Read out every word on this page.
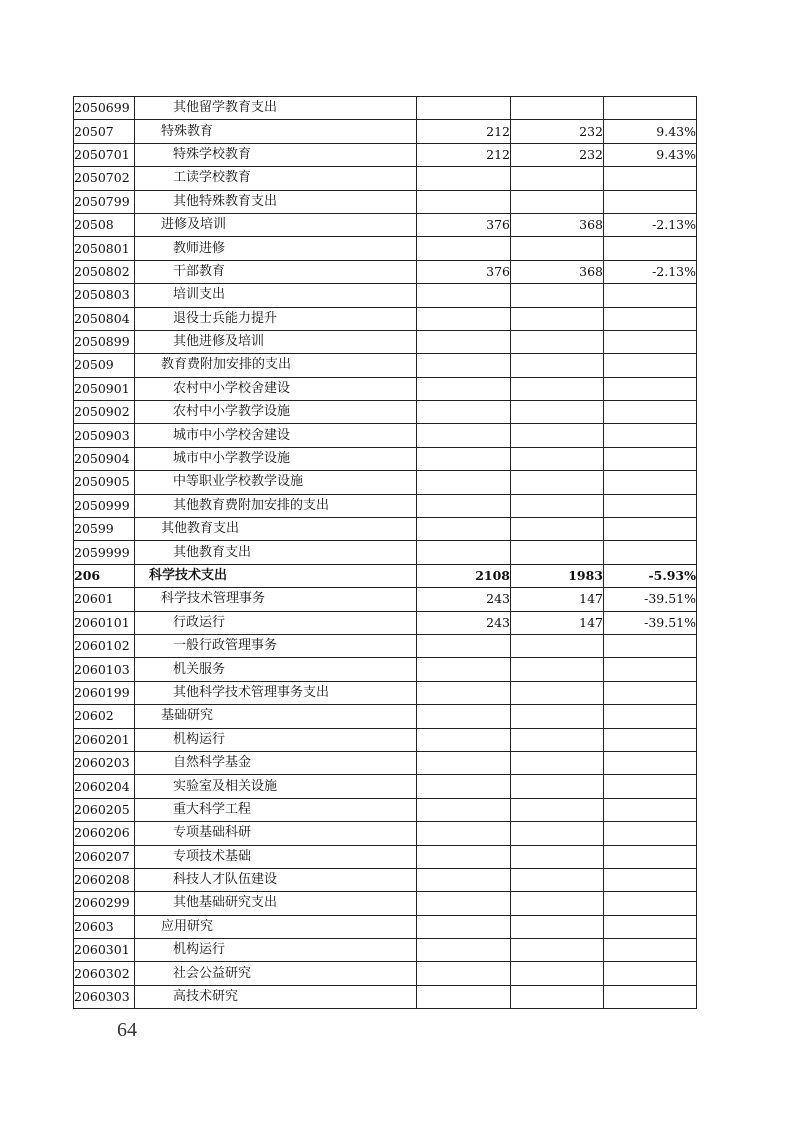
2050699	其他留学教育支出			
20507	特殊教育	212	232	9.43%
2050701	特殊学校教育	212	232	9.43%
2050702	工读学校教育			
2050799	其他特殊教育支出			
20508	进修及培训	376	368	-2.13%
2050801	教师进修			
2050802	干部教育	376	368	-2.13%
2050803	培训支出			
2050804	退役士兵能力提升			
2050899	其他进修及培训			
20509	教育费附加安排的支出			
2050901	农村中小学校舍建设			
2050902	农村中小学教学设施			
2050903	城市中小学校舍建设			
2050904	城市中小学教学设施			
2050905	中等职业学校教学设施			
2050999	其他教育费附加安排的支出			
20599	其他教育支出			
2059999	其他教育支出			
206	科学技术支出	2108	1983	-5.93%
20601	科学技术管理事务	243	147	-39.51%
2060101	行政运行	243	147	-39.51%
2060102	一般行政管理事务			
2060103	机关服务			
2060199	其他科学技术管理事务支出			
20602	基础研究			
2060201	机构运行			
2060203	自然科学基金			
2060204	实验室及相关设施			
2060205	重大科学工程			
2060206	专项基础科研			
2060207	专项技术基础			
2060208	科技人才队伍建设			
2060299	其他基础研究支出			
20603	应用研究			
2060301	机构运行			
2060302	社会公益研究			
2060303	高技术研究			
64
